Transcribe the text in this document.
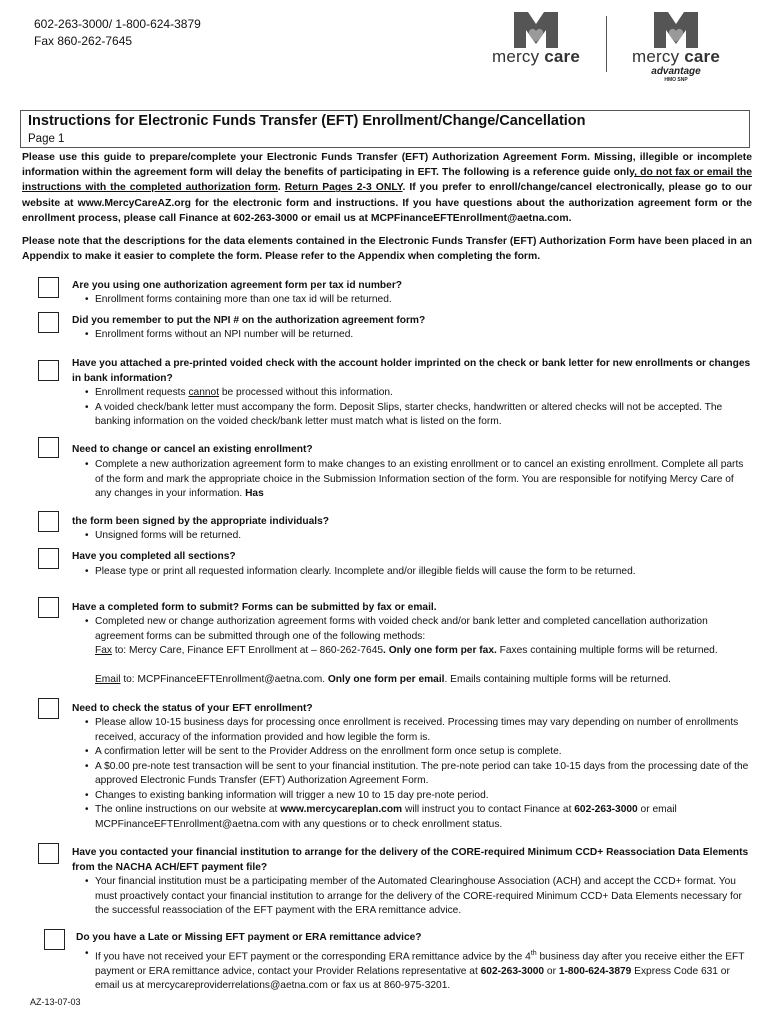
602-263-3000/ 1-800-624-3879
Fax 860-262-7645
mercy care	mercy care
advantage
HMO SNP
Instructions for Electronic Funds Transfer (EFT) Enrollment/Change/Cancellation
Page 1
Please use this guide to prepare/complete your Electronic Funds Transfer (EFT) Authorization Agreement Form. Missing, illegible or incomplete information within the agreement form will delay the benefits of participating in EFT. The following is a reference guide only, do not fax or email the instructions with the completed authorization form. Return Pages 2-3 ONLY. If you prefer to enroll/change/cancel electronically, please go to our website at www.MercyCareAZ.org for the electronic form and instructions. If you have questions about the authorization agreement form or the enrollment process, please call Finance at 602-263-3000 or email us at MCPFinanceEFTEnrollment@aetna.com.
Please note that the descriptions for the data elements contained in the Electronic Funds Transfer (EFT) Authorization Form have been placed in an Appendix to make it easier to complete the form. Please refer to the Appendix when completing the form.
Are you using one authorization agreement form per tax id number?
• Enrollment forms containing more than one tax id will be returned.
Did you remember to put the NPI # on the authorization agreement form?
• Enrollment forms without an NPI number will be returned.
Have you attached a pre-printed voided check with the account holder imprinted on the check or bank letter for new enrollments or changes in bank information?
• Enrollment requests cannot be processed without this information.
• A voided check/bank letter must accompany the form. Deposit Slips, starter checks, handwritten or altered checks will not be accepted. The banking information on the voided check/bank letter must match what is listed on the form.
Need to change or cancel an existing enrollment?
• Complete a new authorization agreement form to make changes to an existing enrollment or to cancel an existing enrollment. Complete all parts of the form and mark the appropriate choice in the Submission Information section of the form. You are responsible for notifying Mercy Care of any changes in your information. Has
the form been signed by the appropriate individuals?
• Unsigned forms will be returned.
Have you completed all sections?
• Please type or print all requested information clearly. Incomplete and/or illegible fields will cause the form to be returned.
Have a completed form to submit? Forms can be submitted by fax or email.
• Completed new or change authorization agreement forms with voided check and/or bank letter and completed cancellation authorization agreement forms can be submitted through one of the following methods:
Fax to: Mercy Care, Finance EFT Enrollment at – 860-262-7645. Only one form per fax. Faxes containing multiple forms will be returned.
Email to: MCPFinanceEFTEnrollment@aetna.com. Only one form per email. Emails containing multiple forms will be returned.
Need to check the status of your EFT enrollment?
• Please allow 10-15 business days for processing once enrollment is received. Processing times may vary depending on number of enrollments received, accuracy of the information provided and how legible the form is.
• A confirmation letter will be sent to the Provider Address on the enrollment form once setup is complete.
• A $0.00 pre-note test transaction will be sent to your financial institution. The pre-note period can take 10-15 days from the processing date of the approved Electronic Funds Transfer (EFT) Authorization Agreement Form.
• Changes to existing banking information will trigger a new 10 to 15 day pre-note period.
• The online instructions on our website at www.mercycareplan.com will instruct you to contact Finance at 602-263-3000 or email MCPFinanceEFTEnrollment@aetna.com with any questions or to check enrollment status.
Have you contacted your financial institution to arrange for the delivery of the CORE-required Minimum CCD+ Reassociation Data Elements from the NACHA ACH/EFT payment file?
• Your financial institution must be a participating member of the Automated Clearinghouse Association (ACH) and accept the CCD+ format. You must proactively contact your financial institution to arrange for the delivery of the CORE-required Minimum CCD+ Data Elements necessary for the successful reassociation of the EFT payment with the ERA remittance advice.
Do you have a Late or Missing EFT payment or ERA remittance advice?
• If you have not received your EFT payment or the corresponding ERA remittance advice by the 4th business day after you receive either the EFT payment or ERA remittance advice, contact your Provider Relations representative at 602-263-3000 or 1-800-624-3879 Express Code 631 or email us at mercycareproviderrelations@aetna.com or fax us at 860-975-3201.
AZ-13-07-03
